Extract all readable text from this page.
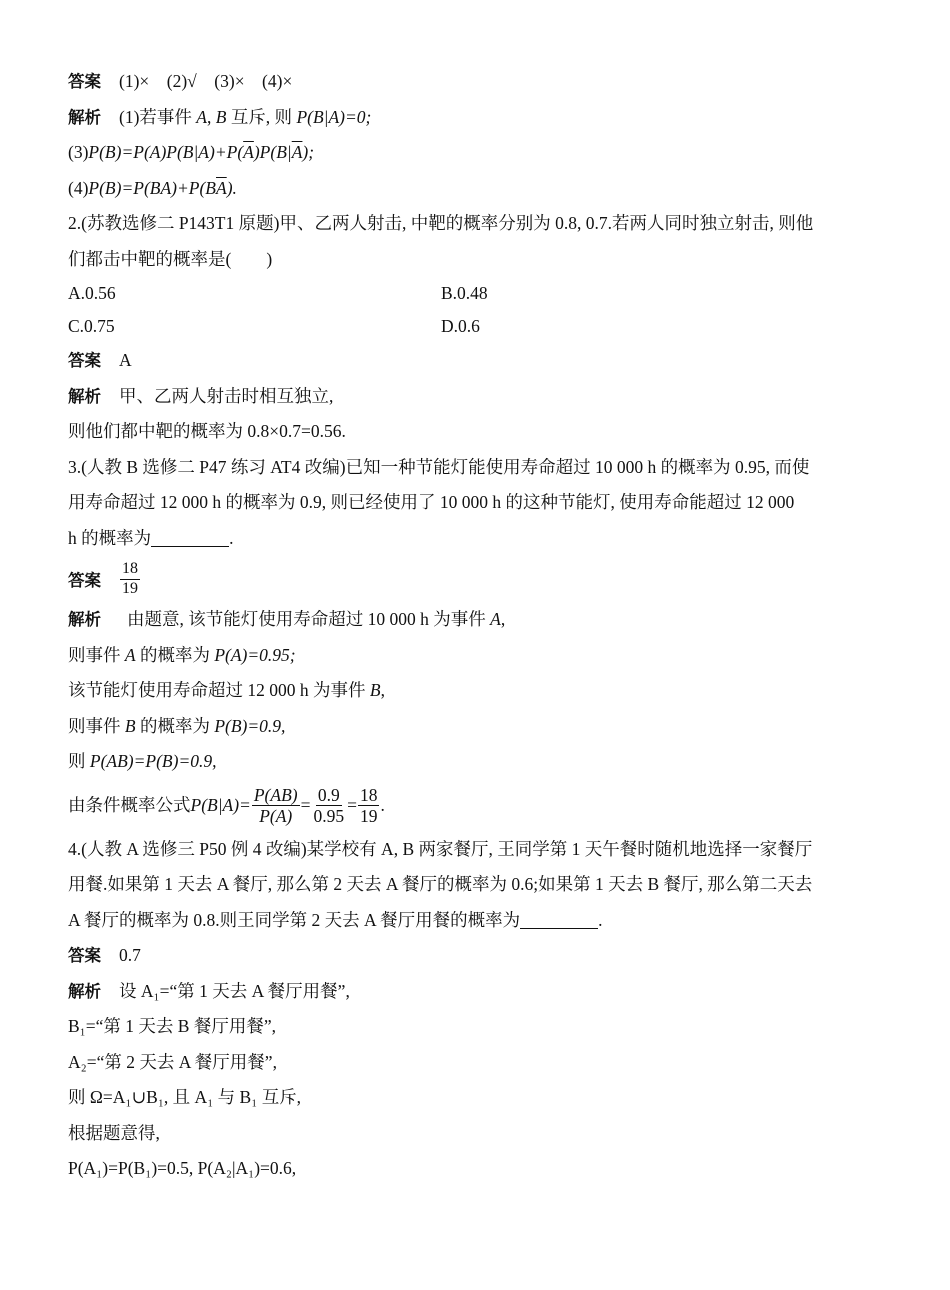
答案 (1)×　(2)√　(3)×　(4)×
解析 (1)若事件 A, B 互斥, 则 P(B|A)=0;
$(3)P(B)=P(A)P(B|A)+P(\overline{A})P(B|\overline{A})$;
$(4)P(B)=P(BA)+P(B\overline{A})$.
2.(苏教选修二 P143T1 原题)甲、乙两人射击, 中靶的概率分别为 0.8, 0.7.若两人同时独立射击, 则他
们都击中靶的概率是(　　)
A.0.56	B.0.48
C.0.75	D.0.6
答案 A
解析 甲、乙两人射击时相互独立,
则他们都中靶的概率为 0.8×0.7=0.56.
3.(人教 B 选修二 P47 练习 AT4 改编)已知一种节能灯能使用寿命超过 10 000 h 的概率为 0.95, 而使
用寿命超过 12 000 h 的概率为 0.9, 则已经使用了 10 000 h 的这种节能灯, 使用寿命能超过 12 000
h 的概率为	.
答案 $\frac{18}{19}$
解析 由题意, 该节能灯使用寿命超过 10 000 h 为事件 A,
则事件 A 的概率为 P(A)=0.95;
该节能灯使用寿命超过 12 000 h 为事件 B,
则事件 B 的概率为 P(B)=0.9,
则 P(AB)=P(B)=0.9,
由条件概率公式 $P(B|A)= \frac{P(AB)}{P(A)} = \frac{0.9}{0.95} = \frac{18}{19}$ .
4.(人教 A 选修三 P50 例 4 改编)某学校有 A, B 两家餐厅, 王同学第 1 天午餐时随机地选择一家餐厅
用餐.如果第 1 天去 A 餐厅, 那么第 2 天去 A 餐厅的概率为 0.6;如果第 1 天去 B 餐厅, 那么第二天去
A 餐厅的概率为 0.8.则王同学第 2 天去 A 餐厅用餐的概率为	.
答案 0.7
解析 设 A₁=“第 1 天去 A 餐厅用餐”,
B₁=“第 1 天去 B 餐厅用餐”,
A₂=“第 2 天去 A 餐厅用餐”,
则 Ω=A₁∪B₁, 且 A₁ 与 B₁ 互斥,
根据题意得,
P(A₁)=P(B₁)=0.5, P(A₂|A₁)=0.6,
